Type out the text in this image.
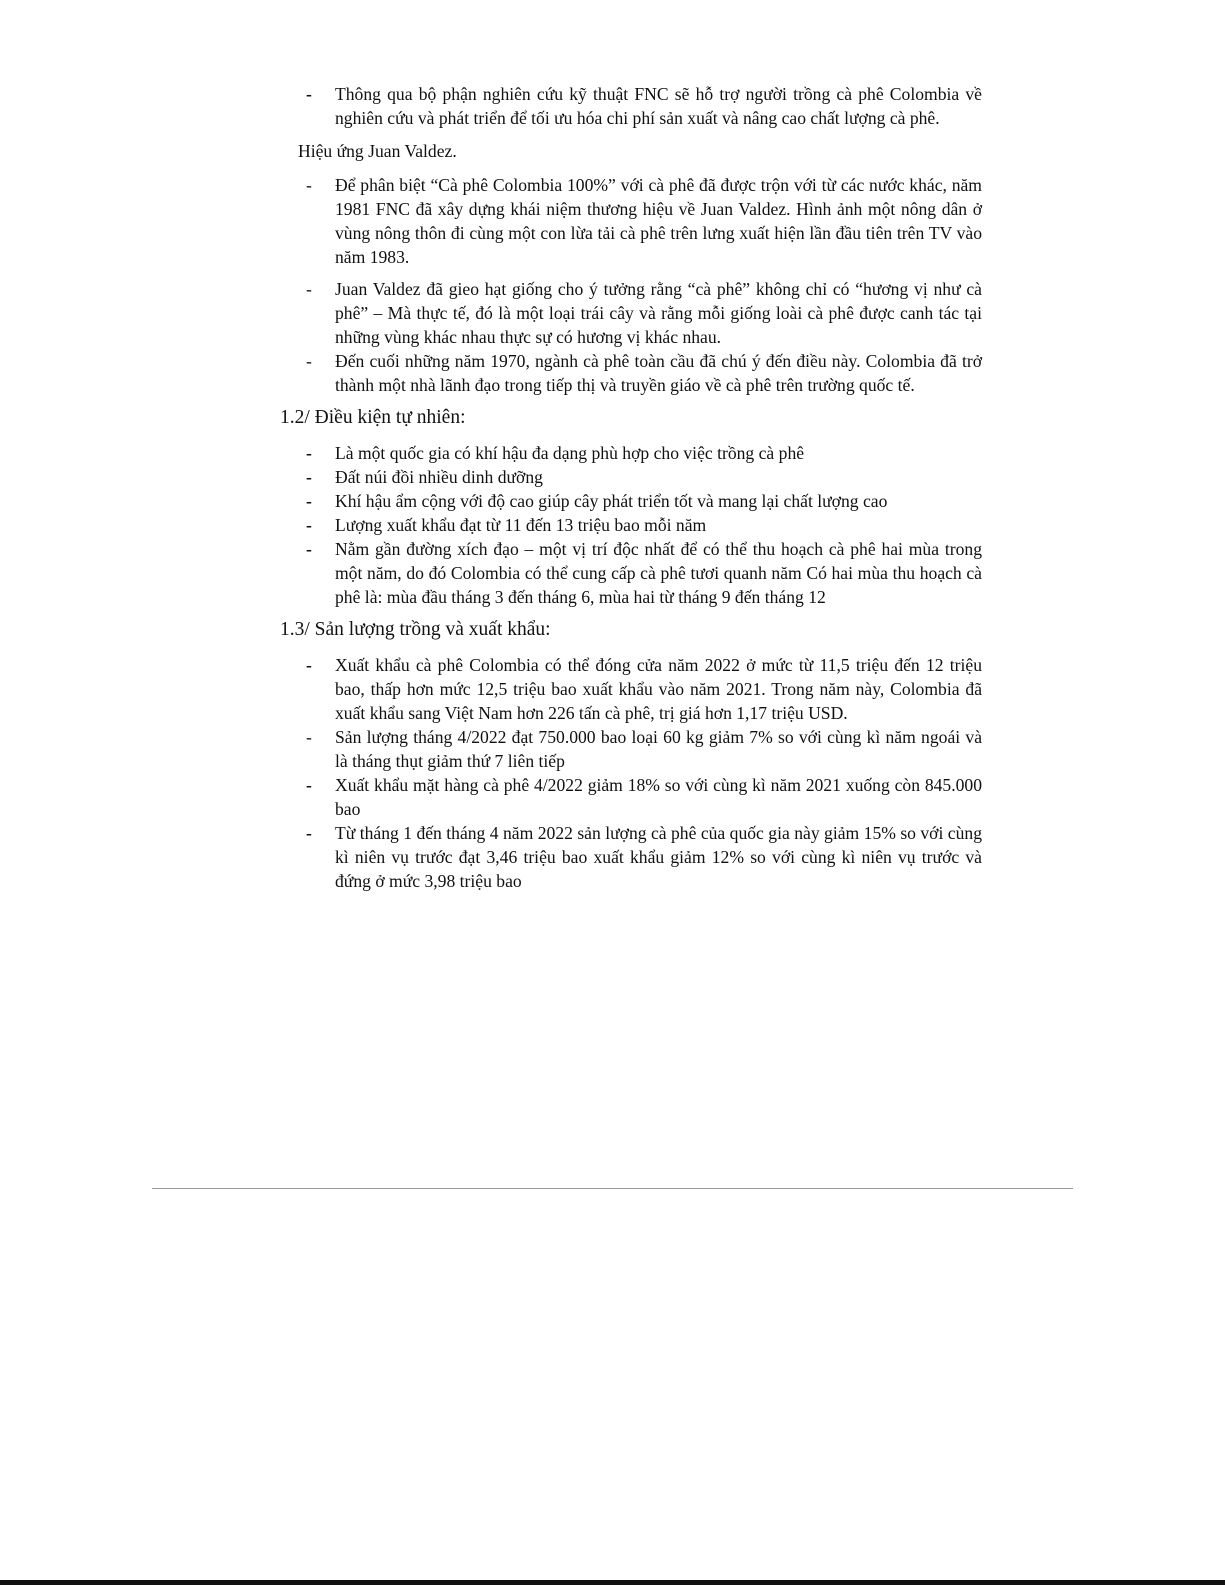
- Thông qua bộ phận nghiên cứu kỹ thuật FNC sẽ hỗ trợ người trồng cà phê Colombia về nghiên cứu và phát triển để tối ưu hóa chi phí sản xuất và nâng cao chất lượng cà phê.
Hiệu ứng Juan Valdez.
- Để phân biệt “Cà phê Colombia 100%” với cà phê đã được trộn với từ các nước khác, năm 1981 FNC đã xây dựng khái niệm thương hiệu về Juan Valdez. Hình ảnh một nông dân ở vùng nông thôn đi cùng một con lừa tải cà phê trên lưng xuất hiện lần đầu tiên trên TV vào năm 1983.
- Juan Valdez đã gieo hạt giống cho ý tưởng rằng “cà phê” không chỉ có “hương vị như cà phê” – Mà thực tế, đó là một loại trái cây và rằng mỗi giống loài cà phê được canh tác tại những vùng khác nhau thực sự có hương vị khác nhau.
- Đến cuối những năm 1970, ngành cà phê toàn cầu đã chú ý đến điều này. Colombia đã trở thành một nhà lãnh đạo trong tiếp thị và truyền giáo về cà phê trên trường quốc tế.
1.2/ Điều kiện tự nhiên:
- Là một quốc gia có khí hậu đa dạng phù hợp cho việc trồng cà phê
- Đất núi đồi nhiều dinh dưỡng
- Khí hậu ẩm cộng với độ cao giúp cây phát triển tốt và mang lại chất lượng cao
- Lượng xuất khẩu đạt từ 11 đến 13 triệu bao mỗi năm
- Nằm gần đường xích đạo – một vị trí độc nhất để có thể thu hoạch cà phê hai mùa trong một năm, do đó Colombia có thể cung cấp cà phê tươi quanh năm Có hai mùa thu hoạch cà phê là: mùa đầu tháng 3 đến tháng 6, mùa hai từ tháng 9 đến tháng 12
1.3/ Sản lượng trồng và xuất khẩu:
- Xuất khẩu cà phê Colombia có thể đóng cửa năm 2022 ở mức từ 11,5 triệu đến 12 triệu bao, thấp hơn mức 12,5 triệu bao xuất khẩu vào năm 2021. Trong năm này, Colombia đã xuất khẩu sang Việt Nam hơn 226 tấn cà phê, trị giá hơn 1,17 triệu USD.
- Sản lượng tháng 4/2022 đạt 750.000 bao loại 60 kg giảm 7% so với cùng kì năm ngoái và là tháng thụt giảm thứ 7 liên tiếp
- Xuất khẩu mặt hàng cà phê 4/2022 giảm 18% so với cùng kì năm 2021 xuống còn 845.000 bao
- Từ tháng 1 đến tháng 4 năm 2022 sản lượng cà phê của quốc gia này giảm 15% so với cùng kì niên vụ trước đạt 3,46 triệu bao xuất khẩu giảm 12% so với cùng kì niên vụ trước và đứng ở mức 3,98 triệu bao
